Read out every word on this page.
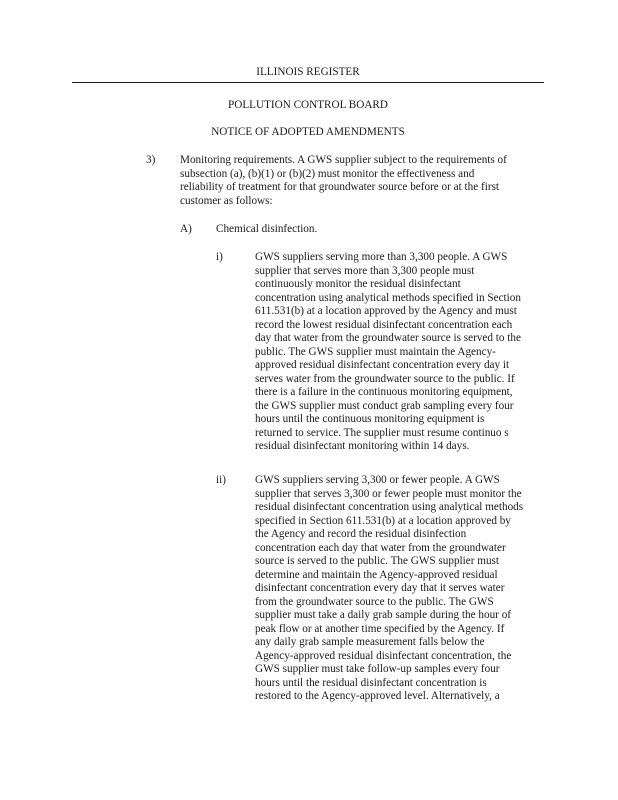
ILLINOIS REGISTER
POLLUTION CONTROL BOARD
NOTICE OF ADOPTED AMENDMENTS
3) Monitoring requirements. A GWS supplier subject to the requirements of
subsection (a), (b)(1) or (b)(2) must monitor the effectiveness and
reliability of treatment for that groundwater source before or at the first
customer as follows:
A) Chemical disinfection.
i)	GWS suppliers serving more than 3,300 people. A GWS
supplier that serves more than 3,300 people must
continuously monitor the residual disinfectant
concentration using analytical methods specified in Section
611.531(b) at a location approved by the Agency and must
record the lowest residual disinfectant concentration each
day that water from the groundwater source is served to the
public. The GWS supplier must maintain the Agency-
approved residual disinfectant concentration every day it
serves water from the groundwater source to the public. If
there is a failure in the continuous monitoring equipment,
the GWS supplier must conduct grab sampling every four
hours until the continuous monitoring equipment is
returned to service. The supplier must resume continuo s
residual disinfectant monitoring within 14 days.
ii)	GWS suppliers serving 3,300 or fewer people. A GWS
supplier that serves 3,300 or fewer people must monitor the
residual disinfectant concentration using analytical methods
specified in Section 611.531(b) at a location approved by
the Agency and record the residual disinfection
concentration each day that water from the groundwater
source is served to the public. The GWS supplier must
determine and maintain the Agency-approved residual
disinfectant concentration every day that it serves water
from the groundwater source to the public. The GWS
supplier must take a daily grab sample during the hour of
peak flow or at another time specified by the Agency. If
any daily grab sample measurement falls below the
Agency-approved residual disinfectant concentration, the
GWS supplier must take follow-up samples every four
hours until the residual disinfectant concentration is
restored to the Agency-approved level. Alternatively, a
